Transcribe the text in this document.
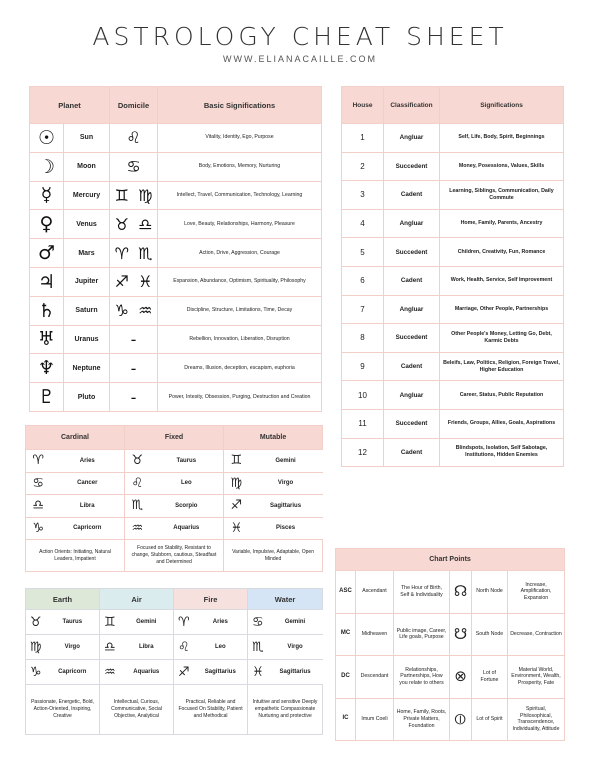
ASTROLOGY CHEAT SHEET
WWW.ELIANACAILLE.COM
Planet		Domicile	Basic Significations
☉	Sun	♌	Vitality, Identity, Ego, Purpose
☽	Moon	♋	Body, Emotions, Memory, Nurturing
☿	Mercury	♊ ♍	Intellect, Travel, Communication, Technology, Learning
♀	Venus	♉ ♎	Love, Beauty, Relationships, Harmony, Pleasure
♂	Mars	♈ ♏	Action, Drive, Aggression, Courage
♃	Jupiter	♐ ♓	Expansion, Abundance, Optimism, Spirituality, Philosophy
♄	Saturn	♑ ♒	Discipline, Structure, Limitations, Time, Decay
♅	Uranus	-	Rebellion, Innovation, Liberation, Disruption
♆	Neptune	-	Dreams, Illusion, deception, escapism, euphoria
♇	Pluto	-	Power, Intesity, Obsession, Purging, Destruction and Creation
House	Classification	Significations
1	Angluar	Self, Life, Body, Spirit, Beginnings
2	Succedent	Money, Posessions, Values, Skills
3	Cadent	Learning, Siblings, Communication, Daily Commute
4	Angluar	Home, Family, Parents, Ancestry
5	Succedent	Children, Creativity, Fun, Romance
6	Cadent	Work, Health, Service, Self Improvement
7	Angluar	Marriage, Other People, Partnerships
8	Succedent	Other People's Money, Letting Go, Debt, Karmic Debts
9	Cadent	Beleifs, Law, Politics, Religion, Foreign Travel, Higher Education
10	Angluar	Career, Status, Public Reputation
11	Succedent	Friends, Groups, Allies, Goals, Aspirations
12	Cadent	Blindspots, Isolation, Self Sabotage, Institutions, Hidden Enemies
Cardinal		Fixed		Mutable	
♈	Aries	♉	Taurus	♊	Gemini
♋	Cancer	♌	Leo	♍	Virgo
♎	Libra	♏	Scorpio	♐	Sagittarius
♑	Capricorn	♒	Aquarius	♓	Pisces
Action Orients: Initiating, Natural Leaders, Impatient		Focused on Stability, Resistant to change, Stubborn, cautious, Steadfast and Determined		Variable, Impulsive, Adaptable, Open Minded	
Earth		Air		Fire		Water	
♉	Taurus	♊	Gemini	♈	Aries	♋	Gemini
♍	Virgo	♎	Libra	♌	Leo	♏	Virgo
♑	Capricorn	♒	Aquarius	♐	Sagittarius	♓	Sagittarius
Passionate, Energetic, Bold, Action-Oriented, Inspiring, Creative		Intellectual, Curious, Communicative, Social Objective, Analytical		Practical, Reliable and Focused On Stability, Patient and Methodical		Intuitive and sensitive Deeply empathetic Compassionate Nurturing and protective	
Chart Points					
ASC	Ascendant	The Hour of Birth, Self & Individuality	☊	North Node	Increase, Amplification, Expansion
MC	Midheaven	Public image, Career, Life goals, Purpose	☋	South Node	Decrease, Contraction
DC	Descendant	Relationships, Partnerships, How you relate to others	⊗	Lot of Fortune	Material World, Environment, Wealth, Prosperity, Fate
IC	Imum Coeli	Home, Family, Roots, Private Matters, Foundation	⦶	Lot of Spirit	Spiritual, Philosophical, Transcendence, Individuality, Attitude
